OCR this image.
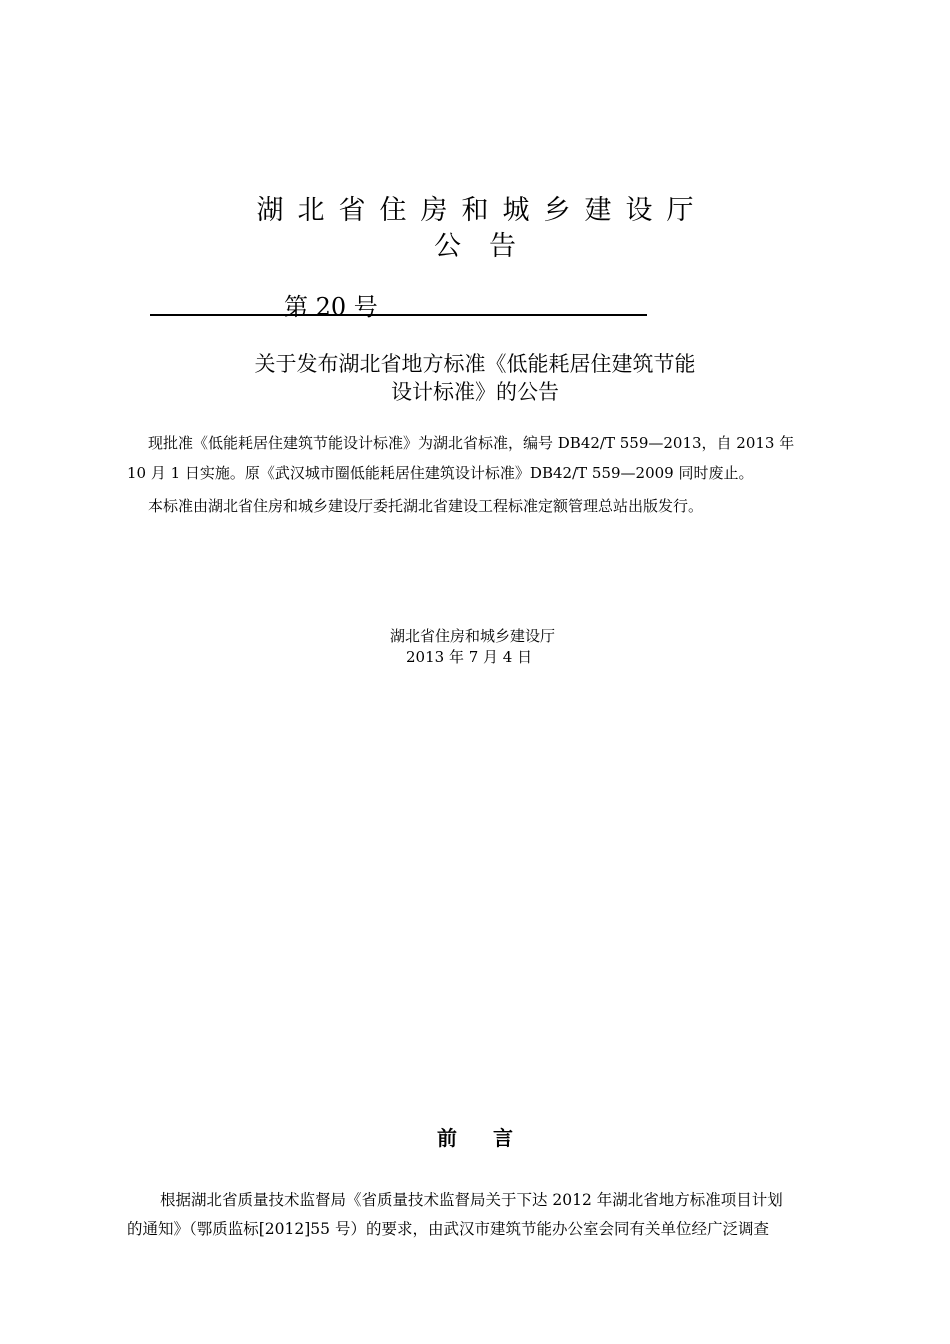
湖北省住房和城乡建设厅
公告
第 20 号
关于发布湖北省地方标准《低能耗居住建筑节能
设计标准》的公告
现批准《低能耗居住建筑节能设计标准》为湖北省标准，编号 DB42/T 559—2013，自 2013 年
10 月 1 日实施。原《武汉城市圈低能耗居住建筑设计标准》DB42/T 559—2009 同时废止。
本标准由湖北省住房和城乡建设厅委托湖北省建设工程标准定额管理总站出版发行。
湖北省住房和城乡建设厅
2013 年 7 月 4 日
前言
根据湖北省质量技术监督局《省质量技术监督局关于下达 2012 年湖北省地方标准项目计划
的通知》（鄂质监标[2012]55 号）的要求，由武汉市建筑节能办公室会同有关单位经广泛调查
